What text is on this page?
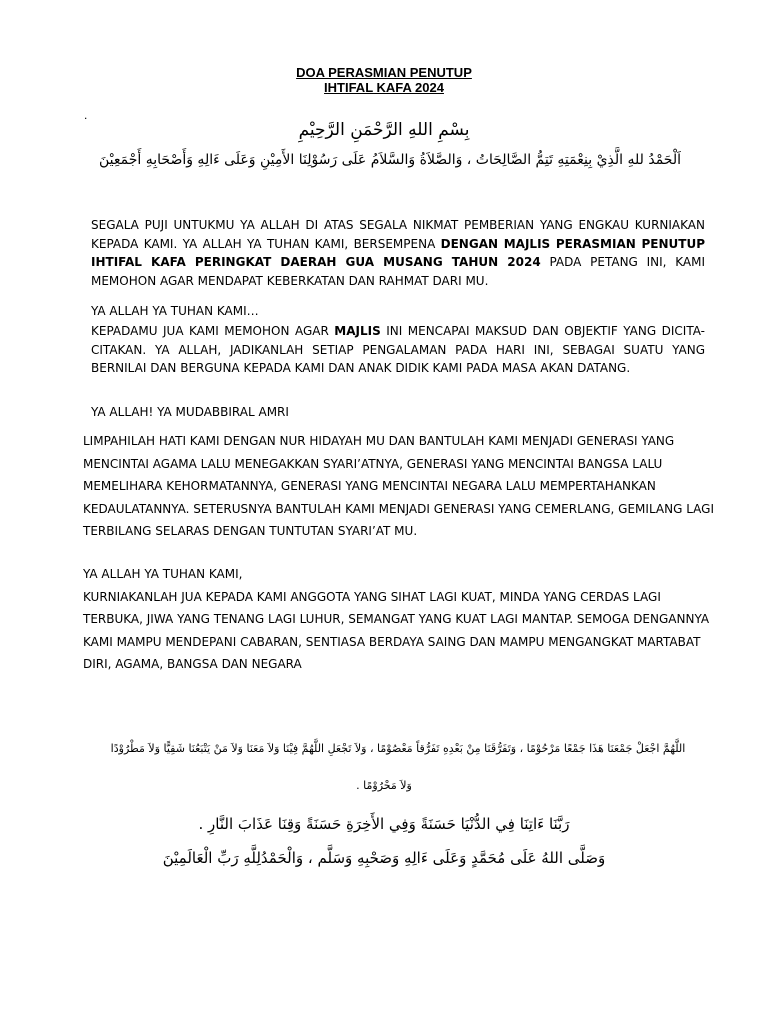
DOA PERASMIAN PENUTUP
IHTIFAL KAFA 2024
.
بِسْمِ اللهِ الرَّحْمَنِ الرَّحِيْمِ
اَلْحَمْدُ للهِ الَّذِيْ بِنِعْمَتِهِ تَتِمُّ الصَّالِحَاتُ ، وَالصَّلاَةُ وَالسَّلاَمُ عَلَى رَسُوْلِنَا الأَمِيْنِ وَعَلَى ءَالِهِ وَأَصْحَابِهِ أَجْمَعِيْنَ

SEGALA PUJI UNTUKMU YA ALLAH DI ATAS SEGALA NIKMAT PEMBERIAN YANG ENGKAU KURNIAKAN KEPADA KAMI. YA ALLAH YA TUHAN KAMI, BERSEMPENA DENGAN MAJLIS PERASMIAN PENUTUP IHTIFAL KAFA PERINGKAT DAERAH GUA MUSANG TAHUN 2024 PADA PETANG INI, KAMI MEMOHON AGAR MENDAPAT KEBERKATAN DAN RAHMAT DARI MU.

YA ALLAH YA TUHAN KAMI…

KEPADAMU JUA KAMI MEMOHON AGAR MAJLIS INI MENCAPAI MAKSUD DAN OBJEKTIF YANG DICITA-CITAKAN. YA ALLAH, JADIKANLAH SETIAP PENGALAMAN PADA HARI INI, SEBAGAI SUATU YANG BERNILAI DAN BERGUNA KEPADA KAMI DAN ANAK DIDIK KAMI PADA MASA AKAN DATANG.

YA ALLAH! YA MUDABBIRAL AMRI

LIMPAHILAH HATI KAMI DENGAN NUR HIDAYAH MU DAN BANTULAH KAMI MENJADI GENERASI YANG
MENCINTAI AGAMA LALU MENEGAKKAN SYARI’ATNYA, GENERASI YANG MENCINTAI BANGSA LALU
MEMELIHARA KEHORMATANNYA, GENERASI YANG MENCINTAI NEGARA LALU MEMPERTAHANKAN
KEDAULATANNYA. SETERUSNYA BANTULAH KAMI MENJADI GENERASI YANG CEMERLANG, GEMILANG LAGI
TERBILANG SELARAS DENGAN TUNTUTAN SYARI’AT MU.
YA ALLAH YA TUHAN KAMI,
KURNIAKANLAH JUA KEPADA KAMI ANGGOTA YANG SIHAT LAGI KUAT, MINDA YANG CERDAS LAGI
TERBUKA, JIWA YANG TENANG LAGI LUHUR, SEMANGAT YANG KUAT LAGI MANTAP. SEMOGA DENGANNYA
KAMI MAMPU MENDEPANI CABARAN, SENTIASA BERDAYA SAING DAN MAMPU MENGANGKAT MARTABAT
DIRI, AGAMA, BANGSA DAN NEGARA
اللَّهُمَّ اجْعَلْ جَمْعَنَا هَذَا جَمْعًا مَرْحُوْمًا ، وَتَفَرُّقَنَا مِنْ بَعْدِهِ تَفَرُّقاً مَعْصُوْمًا ، وَلاَ تَجْعَلِ اللَّهُمَّ فِيْنَا وَلاَ مَعَنَا وَلاَ مَنْ يَتْبَعُنَا شَقِيًّا وَلاَ مَطْرُوْدًا
وَلاَ مَحْرُوْمًا .
رَبَّنَا ءَاتِنَا فِي الدُّنْيَا حَسَنَةً وَفِي الأَخِرَةِ حَسَنَةً وَقِنَا عَذَابَ النَّارِ .
وَصَلَّى اللهُ عَلَى مُحَمَّدٍ وَعَلَى ءَالِهِ وَصَحْبِهِ وَسَلَّم ، وَالْحَمْدُلِلَّهِ رَبِّ الْعَالَمِيْنَ
